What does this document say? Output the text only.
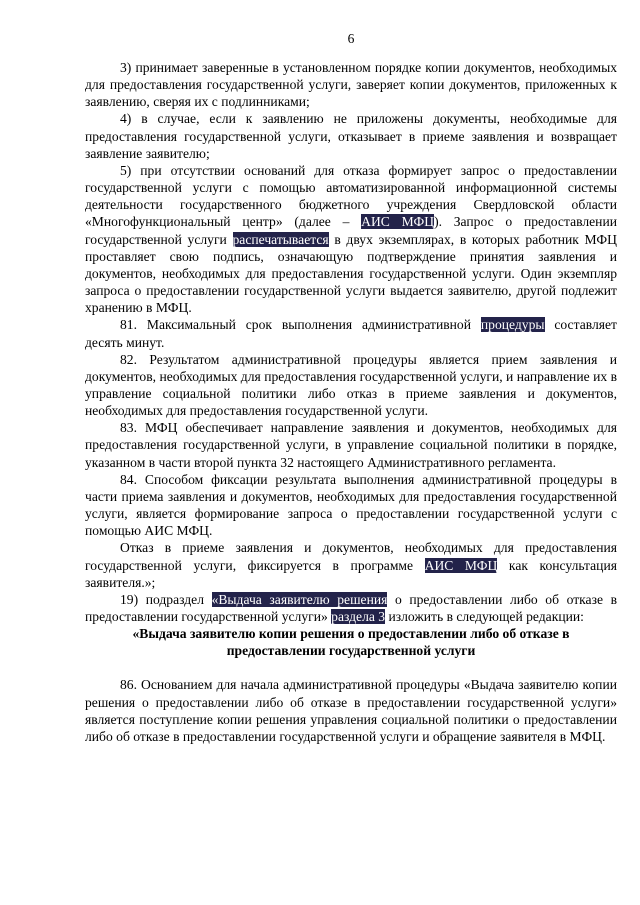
6

3) принимает заверенные в установленном порядке копии документов, необходимых для предоставления государственной услуги, заверяет копии документов, приложенных к заявлению, сверяя их с подлинниками;

4) в случае, если к заявлению не приложены документы, необходимые для предоставления государственной услуги, отказывает в приеме заявления и возвращает заявление заявителю;

5) при отсутствии оснований для отказа формирует запрос о предоставлении государственной услуги с помощью автоматизированной информационной системы деятельности государственного бюджетного учреждения Свердловской области «Многофункциональный центр» (далее – АИС МФЦ). Запрос о предоставлении государственной услуги распечатывается в двух экземплярах, в которых работник МФЦ проставляет свою подпись, означающую подтверждение принятия заявления и документов, необходимых для предоставления государственной услуги. Один экземпляр запроса о предоставлении государственной услуги выдается заявителю, другой подлежит хранению в МФЦ.

81. Максимальный срок выполнения административной процедуры составляет десять минут.

82. Результатом административной процедуры является прием заявления и документов, необходимых для предоставления государственной услуги, и направление их в управление социальной политики либо отказ в приеме заявления и документов, необходимых для предоставления государственной услуги.

83. МФЦ обеспечивает направление заявления и документов, необходимых для предоставления государственной услуги, в управление социальной политики в порядке, указанном в части второй пункта 32 настоящего Административного регламента.

84. Способом фиксации результата выполнения административной процедуры в части приема заявления и документов, необходимых для предоставления государственной услуги, является формирование запроса о предоставлении государственной услуги с помощью АИС МФЦ.

Отказ в приеме заявления и документов, необходимых для предоставления государственной услуги, фиксируется в программе АИС МФЦ как консультация заявителя.»;

19) подраздел «Выдача заявителю решения о предоставлении либо об отказе в предоставлении государственной услуги» раздела 3 изложить в следующей редакции:

«Выдача заявителю копии решения о предоставлении либо об отказе в предоставлении государственной услуги

86. Основанием для начала административной процедуры «Выдача заявителю копии решения о предоставлении либо об отказе в предоставлении государственной услуги» является поступление копии решения управления социальной политики о предоставлении либо об отказе в предоставлении государственной услуги и обращение заявителя в МФЦ.
